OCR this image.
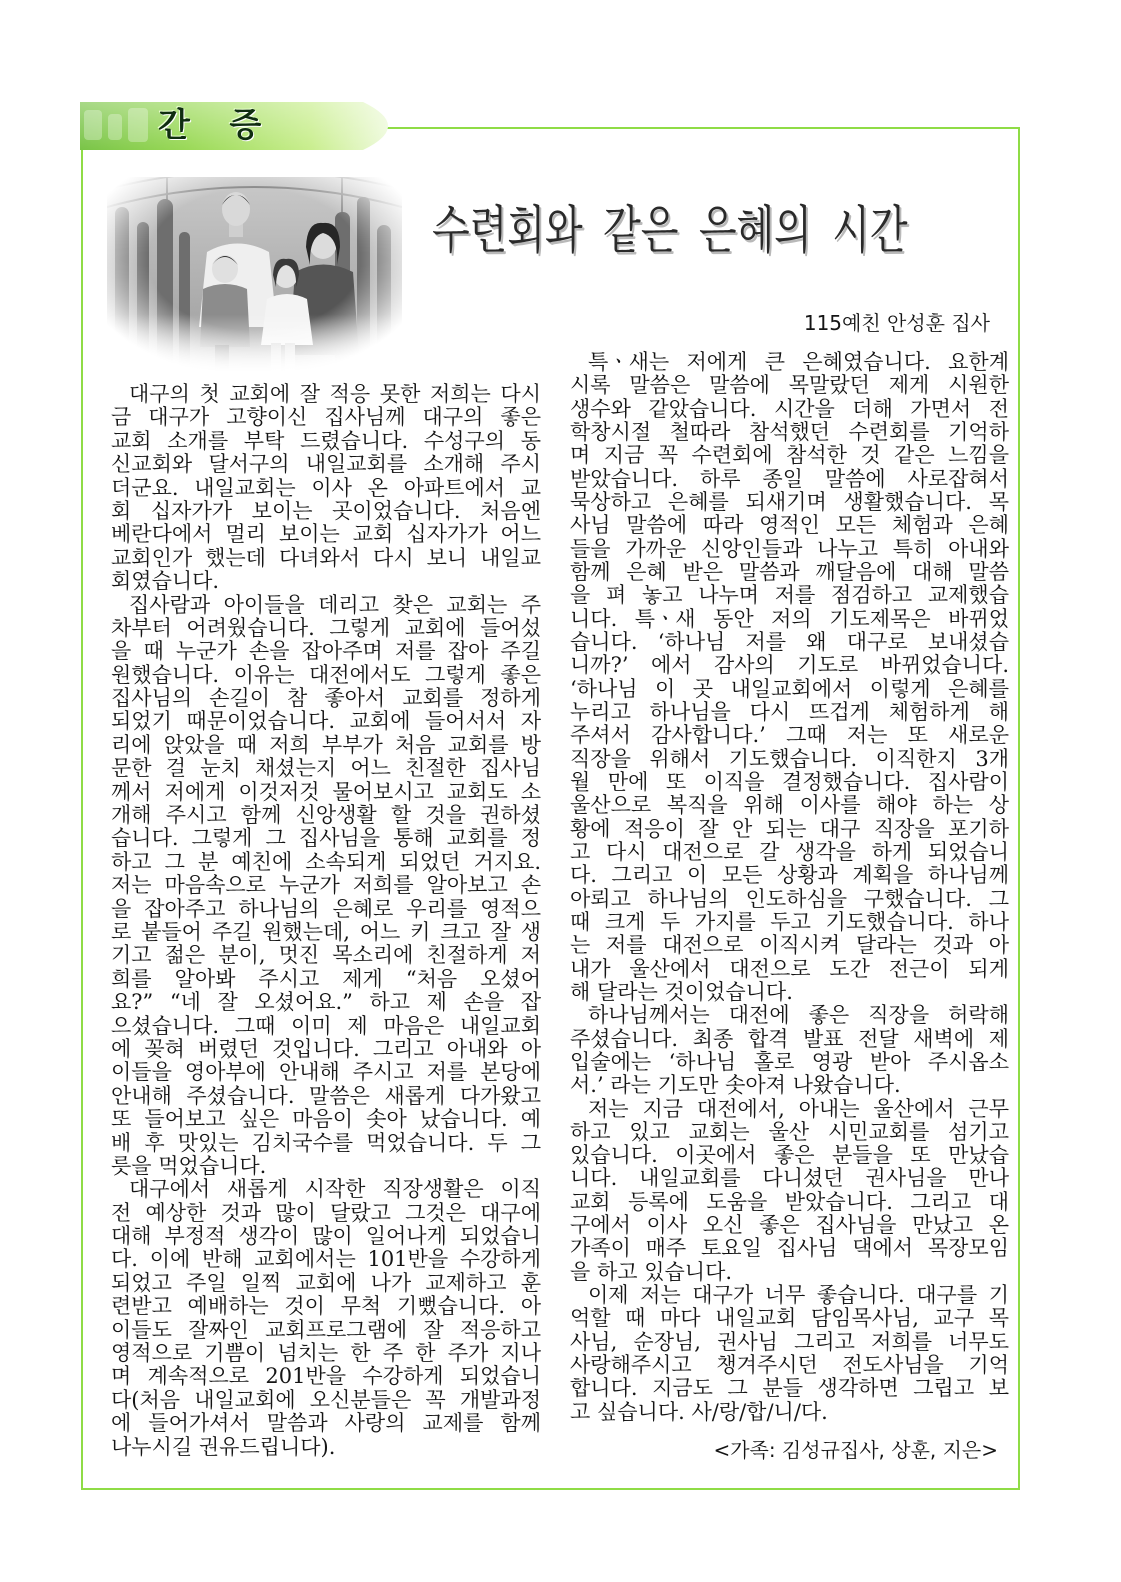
간 증
수련회와 같은 은혜의 시간
115예친 안성훈 집사
대구의 첫 교회에 잘 적응 못한 저희는 다시
금 대구가 고향이신 집사님께 대구의 좋은
교회 소개를 부탁 드렸습니다. 수성구의 동
신교회와 달서구의 내일교회를 소개해 주시
더군요. 내일교회는 이사 온 아파트에서 교
회 십자가가 보이는 곳이었습니다. 처음엔
베란다에서 멀리 보이는 교회 십자가가 어느
교회인가 했는데 다녀와서 다시 보니 내일교
회였습니다.
집사람과 아이들을 데리고 찾은 교회는 주
차부터 어려웠습니다. 그렇게 교회에 들어섰
을 때 누군가 손을 잡아주며 저를 잡아 주길
원했습니다. 이유는 대전에서도 그렇게 좋은
집사님의 손길이 참 좋아서 교회를 정하게
되었기 때문이었습니다. 교회에 들어서서 자
리에 앉았을 때 저희 부부가 처음 교회를 방
문한 걸 눈치 채셨는지 어느 친절한 집사님
께서 저에게 이것저것 물어보시고 교회도 소
개해 주시고 함께 신앙생활 할 것을 권하셨
습니다. 그렇게 그 집사님을 통해 교회를 정
하고 그 분 예친에 소속되게 되었던 거지요.
저는 마음속으로 누군가 저희를 알아보고 손
을 잡아주고 하나님의 은혜로 우리를 영적으
로 붙들어 주길 원했는데, 어느 키 크고 잘 생
기고 젊은 분이, 멋진 목소리에 친절하게 저
희를 알아봐 주시고 제게 “처음 오셨어
요?” “네 잘 오셨어요.” 하고 제 손을 잡
으셨습니다. 그때 이미 제 마음은 내일교회
에 꽂혀 버렸던 것입니다. 그리고 아내와 아
이들을 영아부에 안내해 주시고 저를 본당에
안내해 주셨습니다. 말씀은 새롭게 다가왔고
또 들어보고 싶은 마음이 솟아 났습니다. 예
배 후 맛있는 김치국수를 먹었습니다. 두 그
릇을 먹었습니다.
대구에서 새롭게 시작한 직장생활은 이직
전 예상한 것과 많이 달랐고 그것은 대구에
대해 부정적 생각이 많이 일어나게 되었습니
다. 이에 반해 교회에서는 101반을 수강하게
되었고 주일 일찍 교회에 나가 교제하고 훈
련받고 예배하는 것이 무척 기뻤습니다. 아
이들도 잘짜인 교회프로그램에 잘 적응하고
영적으로 기쁨이 넘치는 한 주 한 주가 지나
며 계속적으로 201반을 수강하게 되었습니
다(처음 내일교회에 오신분들은 꼭 개발과정
에 들어가셔서 말씀과 사랑의 교제를 함께
나누시길 권유드립니다).
특ㆍ새는 저에게 큰 은혜였습니다. 요한계
시록 말씀은 말씀에 목말랐던 제게 시원한
생수와 같았습니다. 시간을 더해 가면서 전
학창시절 철따라 참석했던 수련회를 기억하
며 지금 꼭 수련회에 참석한 것 같은 느낌을
받았습니다. 하루 종일 말씀에 사로잡혀서
묵상하고 은혜를 되새기며 생활했습니다. 목
사님 말씀에 따라 영적인 모든 체험과 은혜
들을 가까운 신앙인들과 나누고 특히 아내와
함께 은혜 받은 말씀과 깨달음에 대해 말씀
을 펴 놓고 나누며 저를 점검하고 교제했습
니다. 특ㆍ새 동안 저의 기도제목은 바뀌었
습니다. ‘하나님 저를 왜 대구로 보내셨습
니까?’ 에서 감사의 기도로 바뀌었습니다.
‘하나님 이 곳 내일교회에서 이렇게 은혜를
누리고 하나님을 다시 뜨겁게 체험하게 해
주셔서 감사합니다.’ 그때 저는 또 새로운
직장을 위해서 기도했습니다. 이직한지 3개
월 만에 또 이직을 결정했습니다. 집사람이
울산으로 복직을 위해 이사를 해야 하는 상
황에 적응이 잘 안 되는 대구 직장을 포기하
고 다시 대전으로 갈 생각을 하게 되었습니
다. 그리고 이 모든 상황과 계획을 하나님께
아뢰고 하나님의 인도하심을 구했습니다. 그
때 크게 두 가지를 두고 기도했습니다. 하나
는 저를 대전으로 이직시켜 달라는 것과 아
내가 울산에서 대전으로 도간 전근이 되게
해 달라는 것이었습니다.
하나님께서는 대전에 좋은 직장을 허락해
주셨습니다. 최종 합격 발표 전달 새벽에 제
입술에는 ‘하나님 홀로 영광 받아 주시옵소
서.’ 라는 기도만 솟아져 나왔습니다.
저는 지금 대전에서, 아내는 울산에서 근무
하고 있고 교회는 울산 시민교회를 섬기고
있습니다. 이곳에서 좋은 분들을 또 만났습
니다. 내일교회를 다니셨던 권사님을 만나
교회 등록에 도움을 받았습니다. 그리고 대
구에서 이사 오신 좋은 집사님을 만났고 온
가족이 매주 토요일 집사님 댁에서 목장모임
을 하고 있습니다.
이제 저는 대구가 너무 좋습니다. 대구를 기
억할 때 마다 내일교회 담임목사님, 교구 목
사님, 순장님, 권사님 그리고 저희를 너무도
사랑해주시고 챙겨주시던 전도사님을 기억
합니다. 지금도 그 분들 생각하면 그립고 보
고 싶습니다. 사/랑/합/니/다.
<가족: 김성규집사, 상훈, 지은>
